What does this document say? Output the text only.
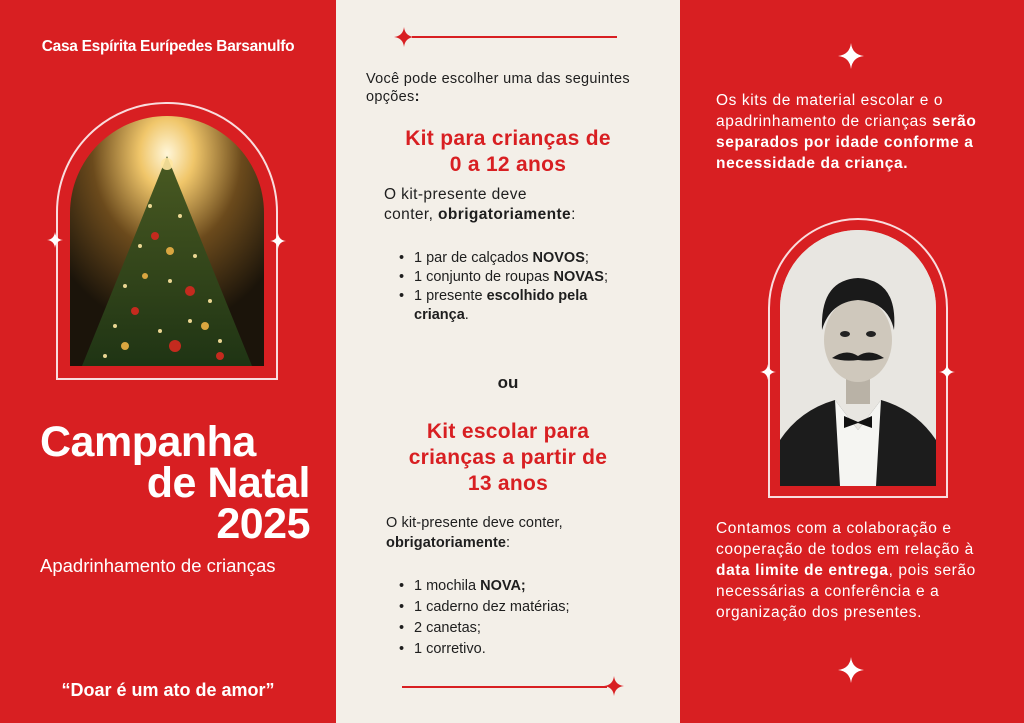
Casa Espírita Eurípedes Barsanulfo
Campanha
de Natal
2025
Apadrinhamento de crianças
“Doar é um ato de amor”
Você pode escolher uma das seguintes opções:
Kit para crianças de
0 a 12 anos
O kit-presente deve
conter, obrigatoriamente:
• 1 par de calçados NOVOS;
• 1 conjunto de roupas NOVAS;
• 1 presente escolhido pela criança.
ou
Kit escolar para
crianças a partir de
13 anos
O kit-presente deve conter,
obrigatoriamente:
• 1 mochila NOVA;
• 1 caderno dez matérias;
• 2 canetas;
• 1 corretivo.
Os kits de material escolar e o apadrinhamento de crianças serão separados por idade conforme a necessidade da criança.
Contamos com a colaboração e cooperação de todos em relação à data limite de entrega, pois serão necessárias a conferência e a organização dos presentes.
